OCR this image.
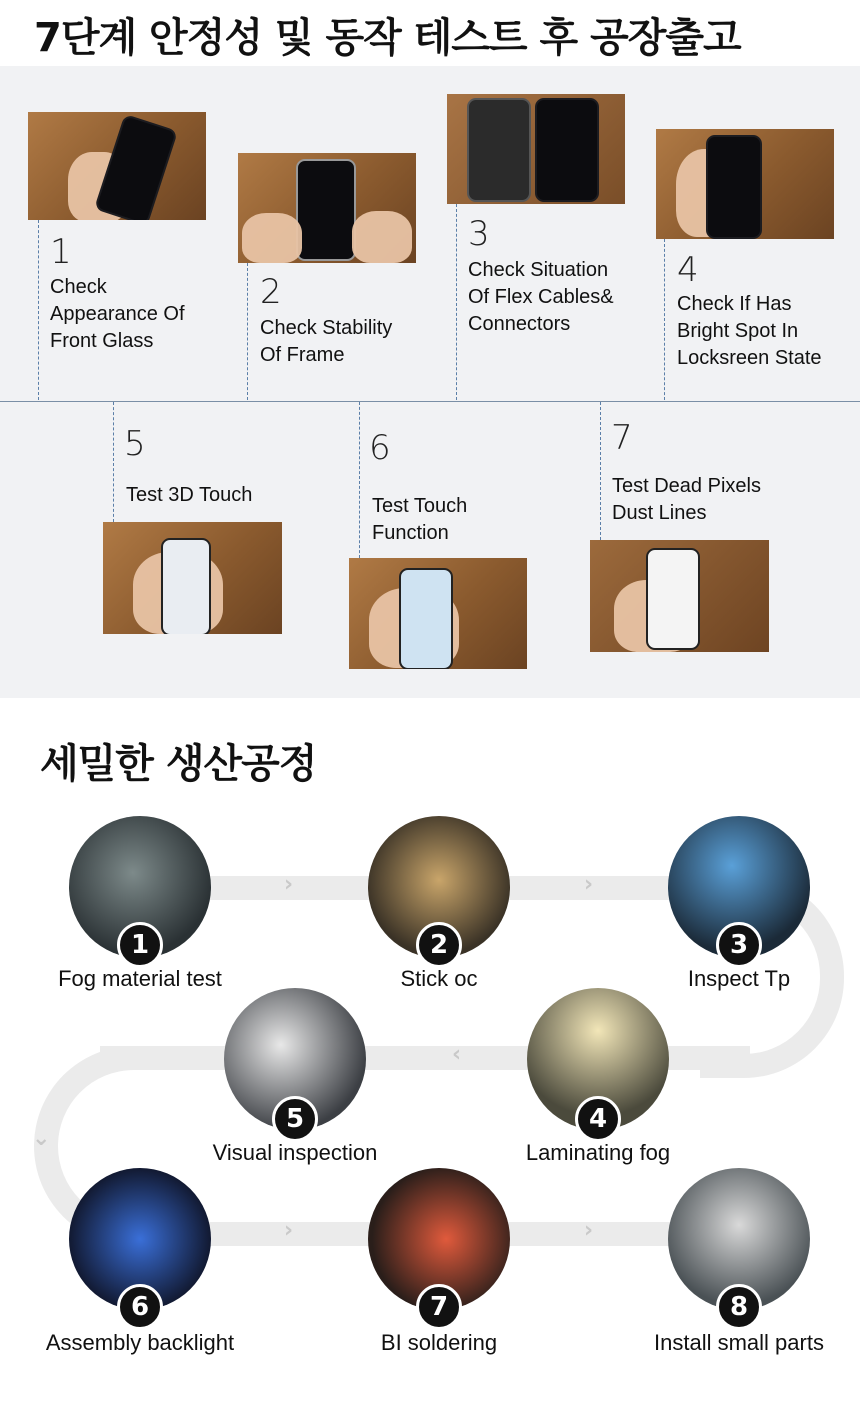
7단계 안정성 및 동작 테스트 후 공장출고
1
Check
Appearance Of
Front Glass
2
Check Stability
Of Frame
3
Check Situation
Of Flex Cables&
Connectors
4
Check If Has
Bright Spot In
Locksreen State
5
Test 3D Touch
6
Test Touch
Function
7
Test Dead Pixels
Dust Lines
세밀한 생산공정
›	›
‹
⌄
›	›
1
Fog material test
2
Stick oc
3
Inspect Tp
5
Visual inspection
4
Laminating fog
6
Assembly backlight
7
BI soldering
8
Install small parts
